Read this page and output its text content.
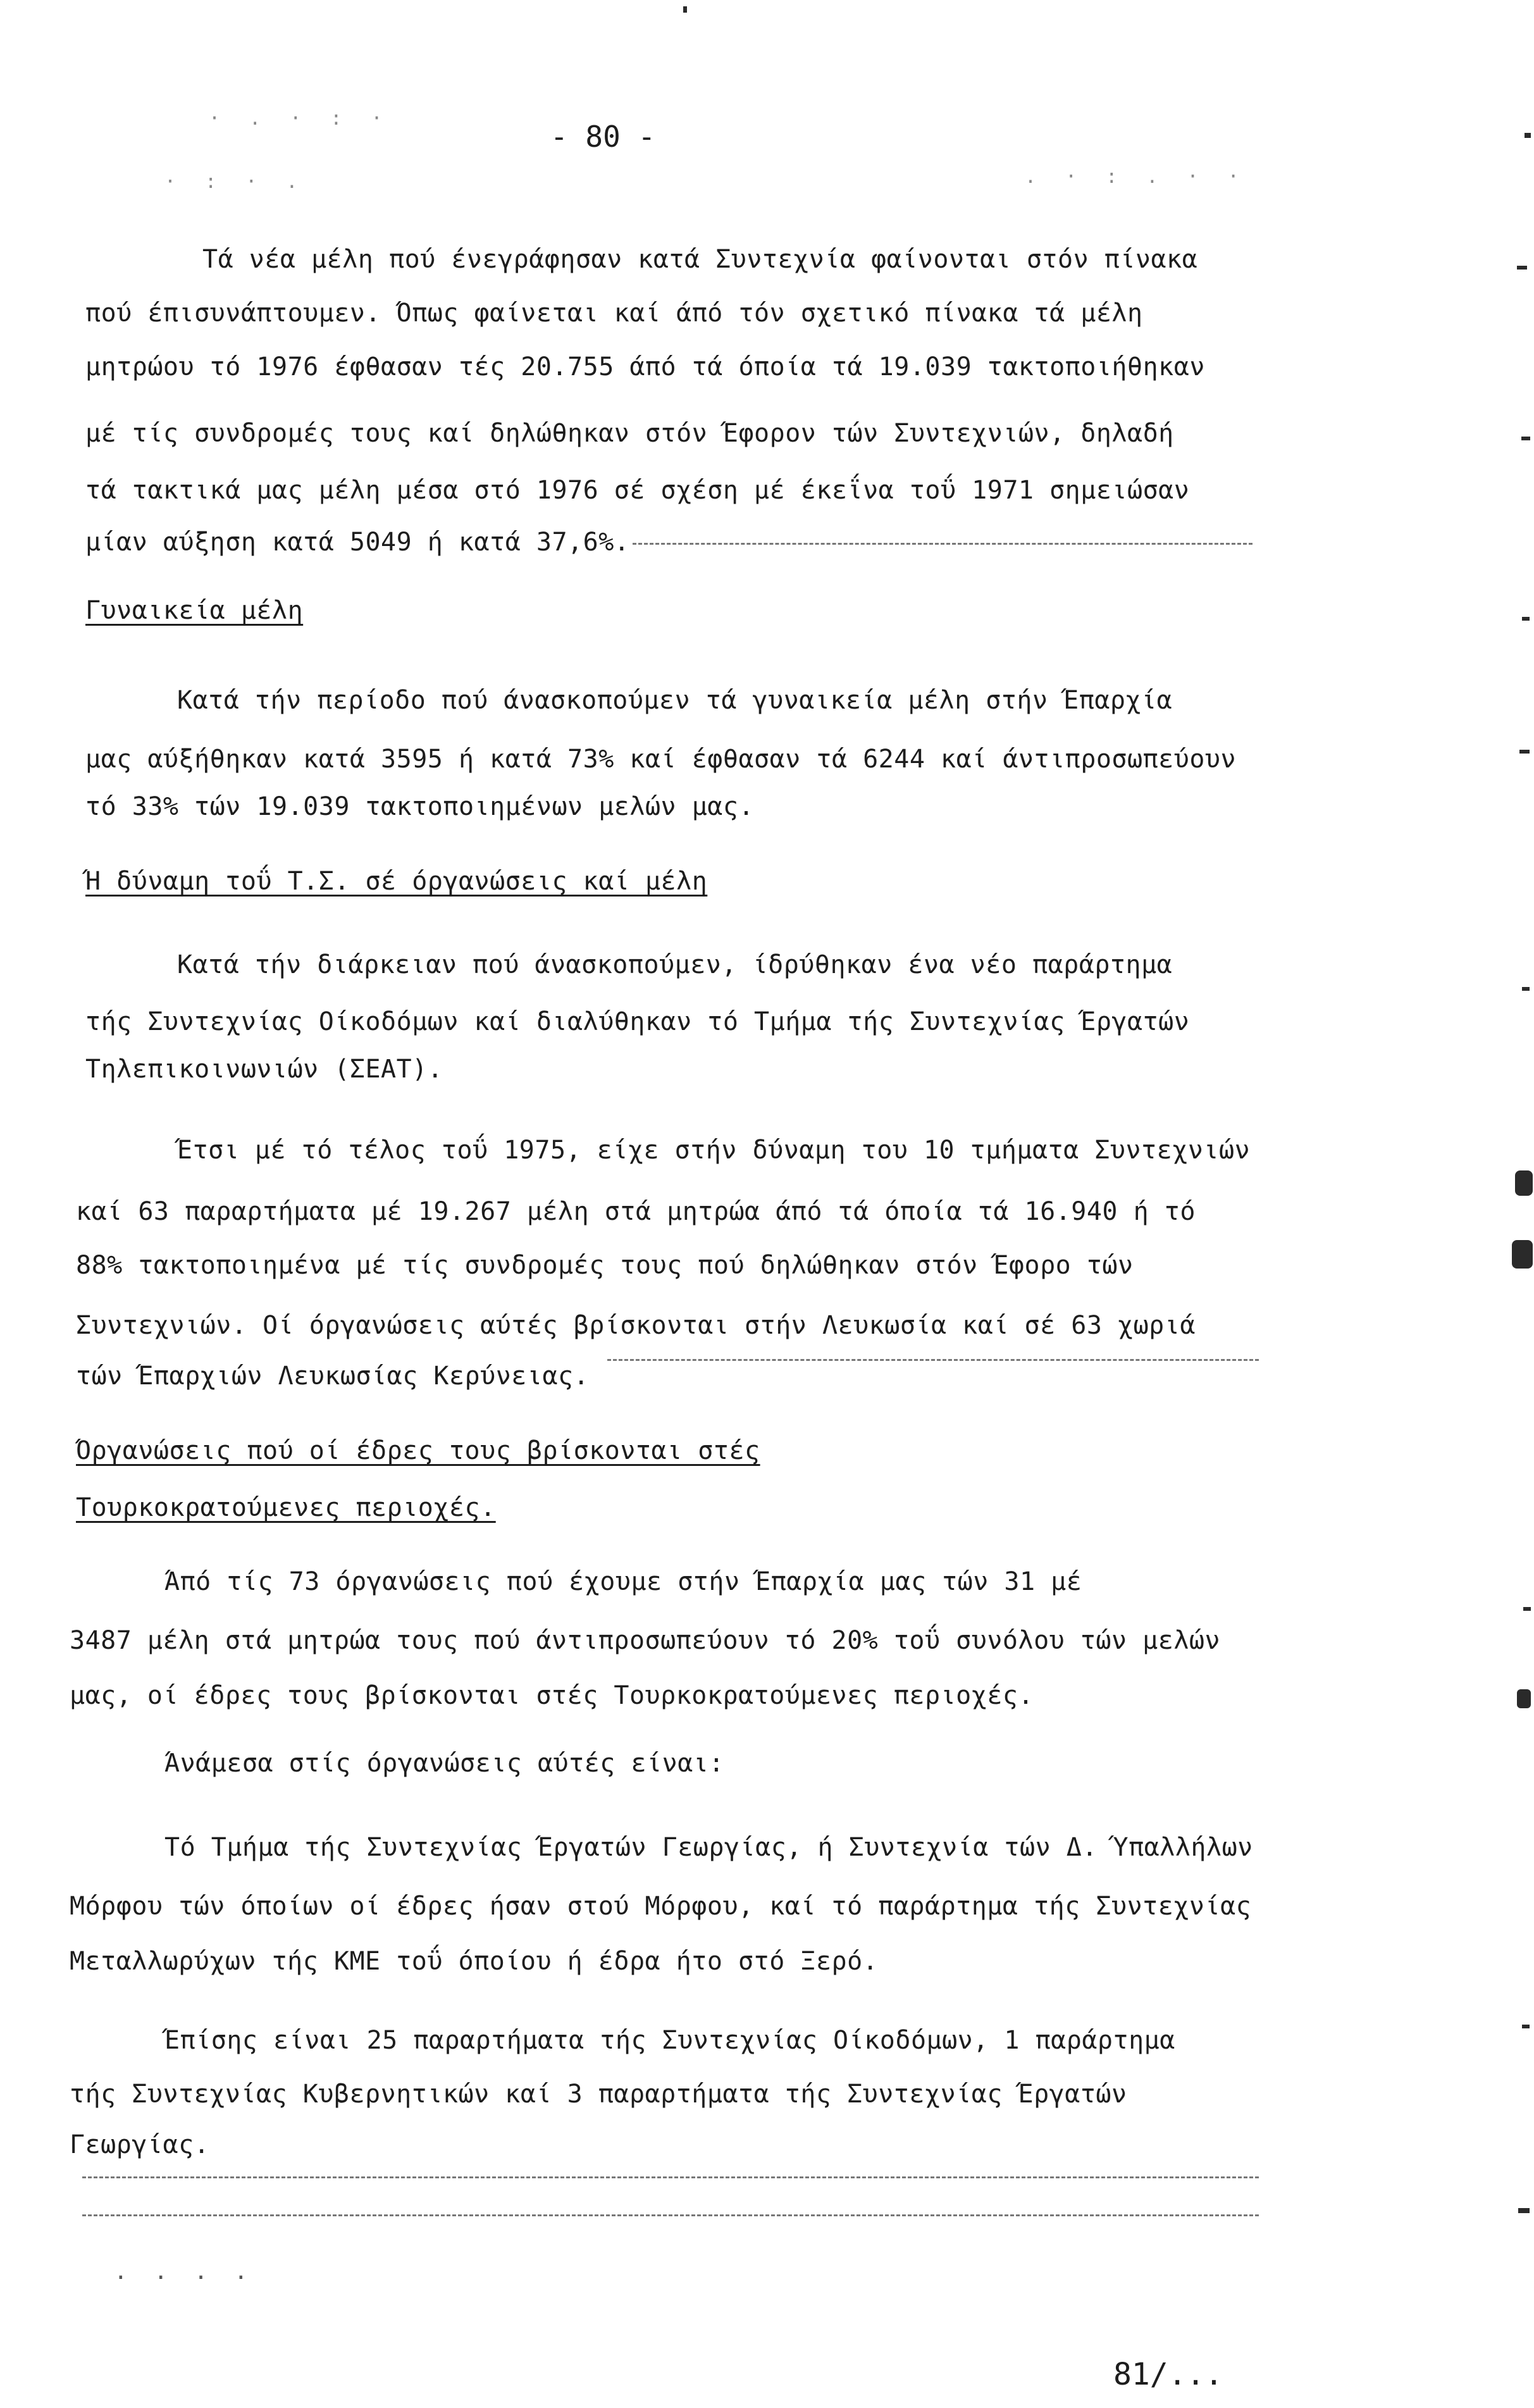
- 80 -
· . · : ·
. · : . · ·
· : · .
Τά νέα μέλη πού ένεγράφησαν κατά Συντεχνία φαίνονται στόν πίνακα
πού έπισυνάπτουμεν. Όπως φαίνεται καί άπό τόν σχετικό πίνακα τά μέλη
μητρώου τό 1976 έφθασαν τές 20.755 άπό τά όποία τά 19.039 τακτοποιήθηκαν
μέ τίς συνδρομές τους καί δηλώθηκαν στόν Έφορον τών Συντεχνιών, δηλαδή
τά τακτικά μας μέλη μέσα στό 1976 σέ σχέση μέ έκεΐνα τοΰ 1971 σημειώσαν
μίαν αύξηση κατά 5049 ή κατά 37,6%.
Γυναικεία μέλη
Κατά τήν περίοδο πού άνασκοπούμεν τά γυναικεία μέλη στήν Έπαρχία
μας αύξήθηκαν κατά 3595 ή κατά 73% καί έφθασαν τά 6244 καί άντιπροσωπεύουν
τό 33% τών 19.039 τακτοποιημένων μελών μας.
Ή δύναμη τοΰ Τ.Σ. σέ όργανώσεις καί μέλη
Κατά τήν διάρκειαν πού άνασκοπούμεν, ίδρύθηκαν ένα νέο παράρτημα
τής Συντεχνίας Οίκοδόμων καί διαλύθηκαν τό Τμήμα τής Συντεχνίας Έργατών
Τηλεπικοινωνιών (ΣΕΑΤ).
Έτσι μέ τό τέλος τοΰ 1975, είχε στήν δύναμη του 10 τμήματα Συντεχνιών
καί 63 παραρτήματα μέ 19.267 μέλη στά μητρώα άπό τά όποία τά 16.940 ή τό
88% τακτοποιημένα μέ τίς συνδρομές τους πού δηλώθηκαν στόν Έφορο τών
Συντεχνιών. Οί όργανώσεις αύτές βρίσκονται στήν Λευκωσία καί σέ 63 χωριά
τών Έπαρχιών Λευκωσίας Κερύνειας.
Όργανώσεις πού οί έδρες τους βρίσκονται στές
Τουρκοκρατούμενες περιοχές.
Άπό τίς 73 όργανώσεις πού έχουμε στήν Έπαρχία μας τών 31 μέ
3487 μέλη στά μητρώα τους πού άντιπροσωπεύουν τό 20% τοΰ συνόλου τών μελών
μας, οί έδρες τους βρίσκονται στές Τουρκοκρατούμενες περιοχές.
Άνάμεσα στίς όργανώσεις αύτές είναι:
Τό Τμήμα τής Συντεχνίας Έργατών Γεωργίας, ή Συντεχνία τών Δ. Ύπαλλήλων
Μόρφου τών όποίων οί έδρες ήσαν στού Μόρφου, καί τό παράρτημα τής Συντεχνίας
Μεταλλωρύχων τής ΚΜΕ τοΰ όποίου ή έδρα ήτο στό Ξερό.
Έπίσης είναι 25 παραρτήματα τής Συντεχνίας Οίκοδόμων, 1 παράρτημα
τής Συντεχνίας Κυβερνητικών καί 3 παραρτήματα τής Συντεχνίας Έργατών
Γεωργίας.
. . . .
81/...
